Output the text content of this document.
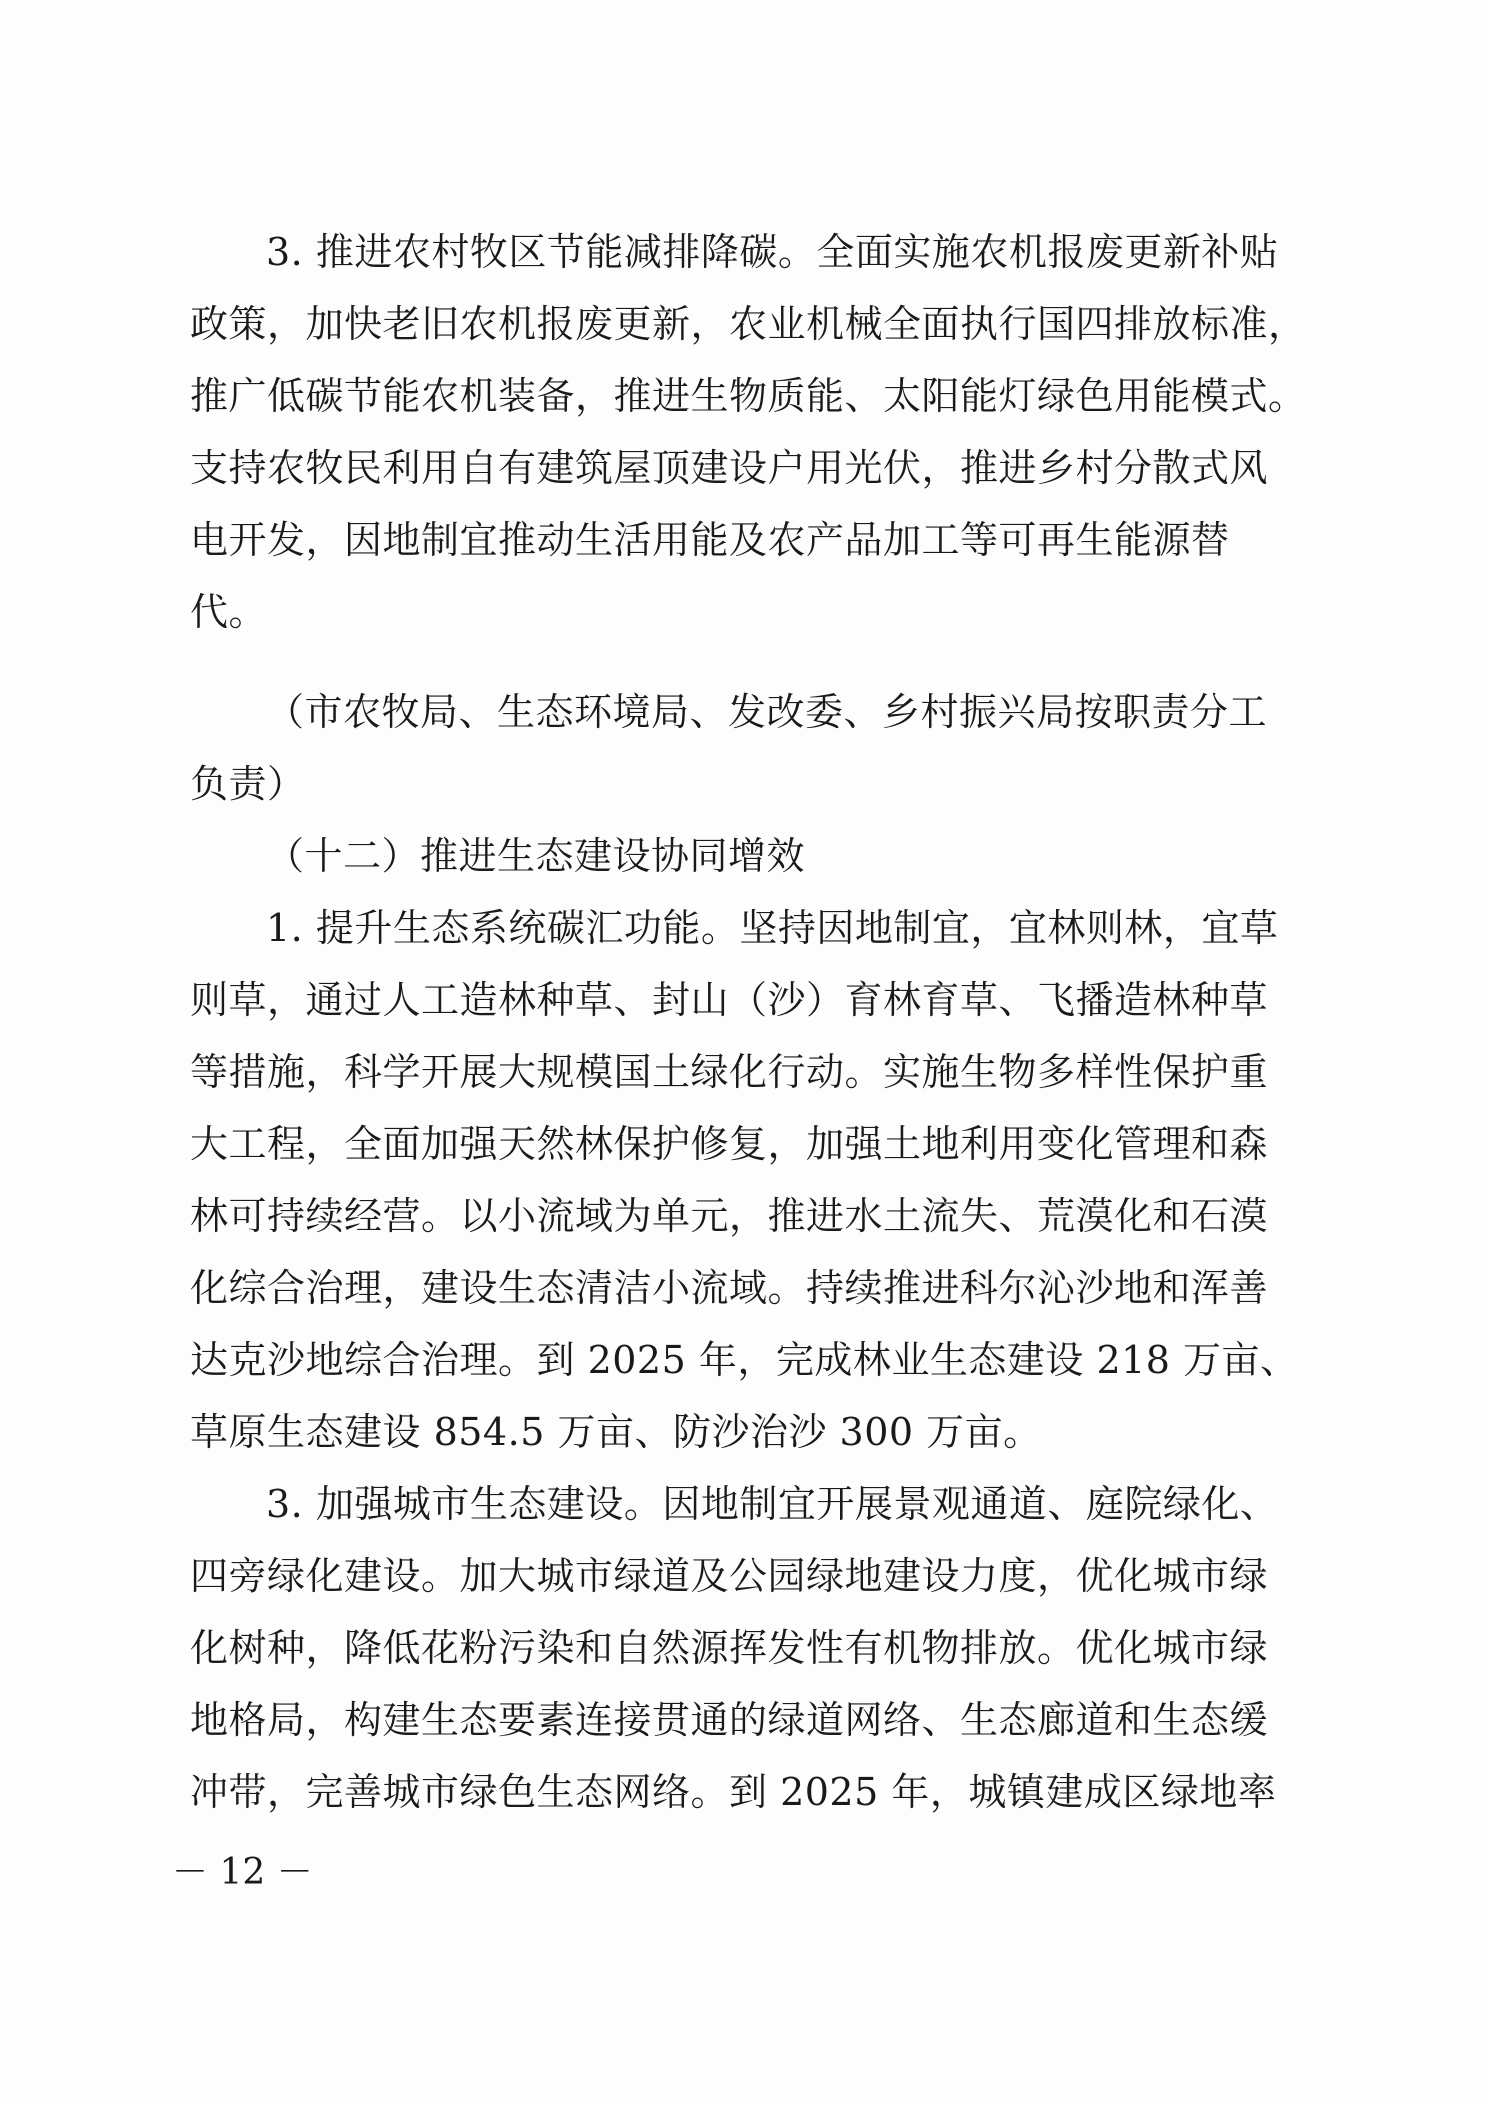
3. 推进农村牧区节能减排降碳。全面实施农机报废更新补贴

政策，加快老旧农机报废更新，农业机械全面执行国四排放标准，

推广低碳节能农机装备，推进生物质能、太阳能灯绿色用能模式。

支持农牧民利用自有建筑屋顶建设户用光伏，推进乡村分散式风

电开发，因地制宜推动生活用能及农产品加工等可再生能源替

代。

（市农牧局、生态环境局、发改委、乡村振兴局按职责分工

负责）

（十二）推进生态建设协同增效

1. 提升生态系统碳汇功能。坚持因地制宜，宜林则林，宜草

则草，通过人工造林种草、封山（沙）育林育草、飞播造林种草

等措施，科学开展大规模国土绿化行动。实施生物多样性保护重

大工程，全面加强天然林保护修复，加强土地利用变化管理和森

林可持续经营。以小流域为单元，推进水土流失、荒漠化和石漠

化综合治理，建设生态清洁小流域。持续推进科尔沁沙地和浑善

达克沙地综合治理。到 2025 年，完成林业生态建设 218 万亩、

草原生态建设 854.5 万亩、防沙治沙 300 万亩。

3. 加强城市生态建设。因地制宜开展景观通道、庭院绿化、

四旁绿化建设。加大城市绿道及公园绿地建设力度，优化城市绿

化树种，降低花粉污染和自然源挥发性有机物排放。优化城市绿

地格局，构建生态要素连接贯通的绿道网络、生态廊道和生态缓

冲带，完善城市绿色生态网络。到 2025 年，城镇建成区绿地率

－ 12 －
